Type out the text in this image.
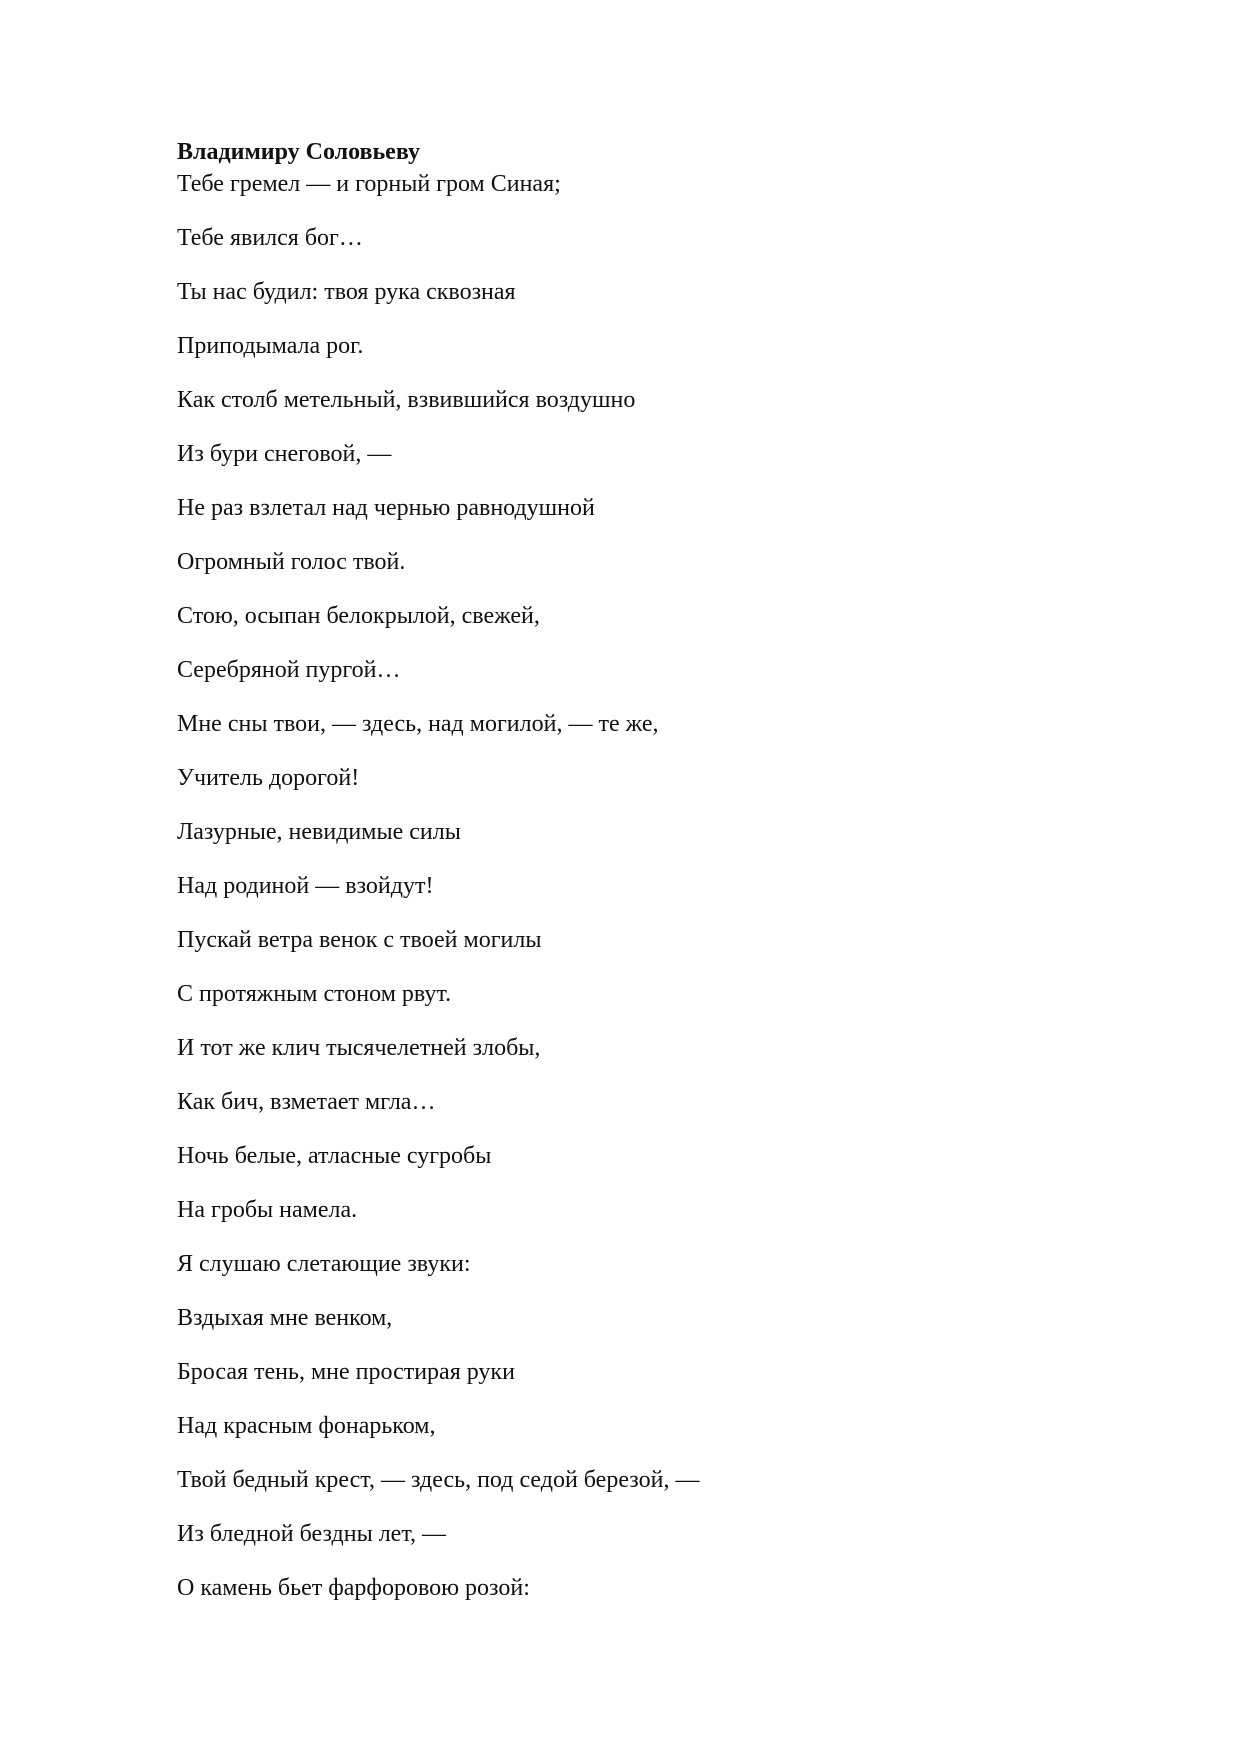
Владимиру Соловьеву
Тебе гремел — и горный гром Синая;
Тебе явился бог…
Ты нас будил: твоя рука сквозная
Приподымала рог.
Как столб метельный, взвившийся воздушно
Из бури снеговой, —
Не раз взлетал над чернью равнодушной
Огромный голос твой.
Стою, осыпан белокрылой, свежей,
Серебряной пургой…
Мне сны твои, — здесь, над могилой, — те же,
Учитель дорогой!
Лазурные, невидимые силы
Над родиной — взойдут!
Пускай ветра венок с твоей могилы
С протяжным стоном рвут.
И тот же клич тысячелетней злобы,
Как бич, взметает мгла…
Ночь белые, атласные сугробы
На гробы намела.
Я слушаю слетающие звуки:
Вздыхая мне венком,
Бросая тень, мне простирая руки
Над красным фонарьком,
Твой бедный крест, — здесь, под седой березой, —
Из бледной бездны лет, —
О камень бьет фарфоровою розой:
